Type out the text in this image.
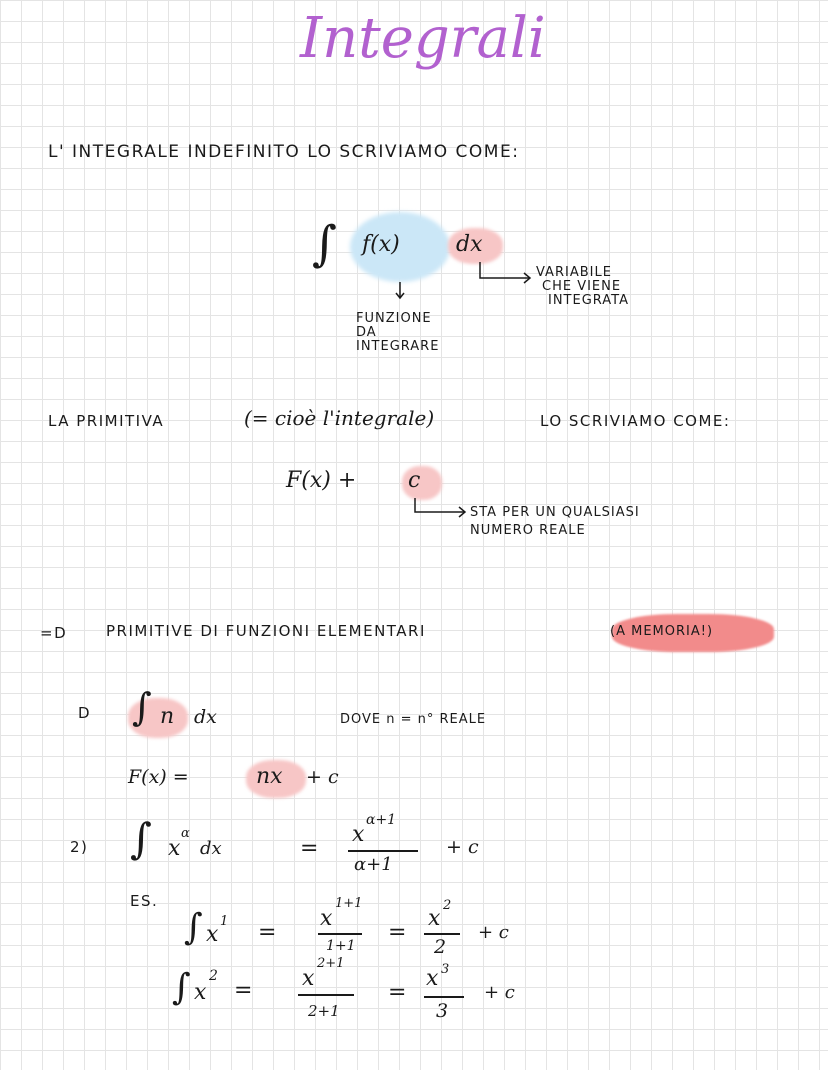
Integrali
L' INTEGRALE INDEFINITO LO SCRIVIAMO COME:
∫ f(x)	dx
FUNZIONE
DA
INTEGRARE
VARIABILE
CHE VIENE
INTEGRATA
LA PRIMITIVA	(= cioè l'integrale)	LO SCRIVIAMO COME:
F(x) + c
STA PER UN QUALSIASI
NUMERO REALE
=D	PRIMITIVE DI FUNZIONI ELEMENTARI	(A MEMORIA!)
D ∫ n dx	DOVE n = n° REALE
F(x) =	nx + c
2) ∫ x
α
dx	=
x
α+1
α+1
+ c
ES.
∫ x
1 =
x
1+1
1+1
=
x
2
2
+ c
∫ x
2
= x
2+1
2+1
=
x 3
3
+ c
